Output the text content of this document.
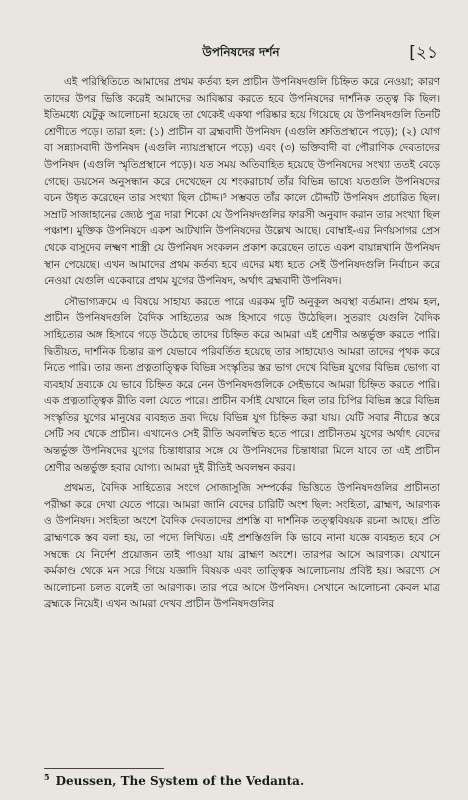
উপনিষদের দর্শন	[২১

এই পরিস্থিতিতে আমাদের প্রথম কর্তব্য হল প্রাচীন উপনিষদগুলি চিহ্নিত করে নেওয়া; কারণ তাদের উপর ভিত্তি করেই আমাদের আবিষ্কার করতে হবে উপনিষদের দার্শনিক তত্ত্ব কি ছিল। ইতিমধ্যে যেটুকু আলোচনা হয়েছে তা থেকেই একথা পরিষ্কার হয়ে গিয়েছে যে উপনিষদগুলি তিনটি শ্রেণীতে পড়ে। তারা হল: (১) প্রাচীন বা ব্রহ্মবাদী উপনিষদ (এগুলি শ্রুতিপ্রস্থানে পড়ে); (২) যোগ বা সন্ন্যাসবাদী উপনিষদ (এগুলি ন্যায়প্রস্থানে পড়ে) এবং (৩) ভক্তিবাদী বা পৌরাণিক দেবতাদের উপনিষদ (এগুলি স্মৃতিপ্রস্থানে পড়ে)। যত সময় অতিবাহিত হয়েছে উপনিষদের সংখ্যা ততই বেড়ে গেছে। ডয়সেন অনুসন্ধান করে দেখেছেন যে শংকরাচার্য তাঁর বিভিন্ন ভাষ্যে যতগুলি উপনিষদের বচন উধৃত করেছেন তার সংখ্যা ছিল চৌদ্দ।⁵ সম্ভবত তাঁর কালে চৌদ্দটি উপনিষদ প্রচারিত ছিল। সম্রাট সাজাহানের জ্যেষ্ঠ পুত্র দারা শিকো যে উপনিষদগুলির ফারসী অনুবাদ করান তার সংখ্যা ছিল পঞ্চাশ। মুক্তিক উপনিষদে একশ আটখানি উপনিষদের উল্লেখ আছে। বোম্বাই-এর নির্ণয়সাগর প্রেস থেকে বাসুদেব লক্ষ্মণ শাস্ত্রী যে উপনিষদ সংকলন প্রকাশ করেছেন তাতে একশ বায়ান্নখানি উপনিষদ স্থান পেয়েছে। এখন আমাদের প্রথম কর্তব্য হবে এদের মধ্য হতে সেই উপনিষদগুলি নির্বাচন করে নেওয়া যেগুলি একেবারে প্রথম যুগের উপনিষদ, অর্থাৎ ব্রহ্মবাদী উপনিষদ।

সৌভাগ্যক্রমে এ বিষয়ে সাহায্য করতে পারে এরকম দুটি অনুকূল অবস্থা বর্তমান। প্রথম হল, প্রাচীন উপনিষদগুলি বৈদিক সাহিত্যের অঙ্গ হিসাবে গড়ে উঠেছিল। সুতরাং যেগুলি বৈদিক সাহিত্যের অঙ্গ হিসাবে গড়ে উঠেছে তাদের চিহ্নিত করে আমরা এই শ্রেণীর অন্তর্ভুক্ত করতে পারি। দ্বিতীয়ত, দার্শনিক চিন্তার রূপ যেভাবে পরিবর্তিত হয়েছে তার সাহায্যেও আমরা তাদের পৃথক করে নিতে পারি। তার জন্য প্রত্নতাত্ত্বিক বিভিন্ন সংস্কৃতির স্তর ভাগ দেখে বিভিন্ন যুগের বিভিন্ন ভোগ্য বা ব্যবহার্য দ্রব্যকে যে ভাবে চিহ্নিত করে নেন উপনিষদগুলিকে সেইভাবে আমরা চিহ্নিত করতে পারি। এক প্রত্নতাত্ত্বিক রীতি বলা যেতে পারে। প্রাচীন বর্সাই যেখানে ছিল তার চিপির বিভিন্ন স্তরে বিভিন্ন সংস্কৃতির যুগের মানুষের ব্যবহৃত দ্রব্য দিয়ে বিভিন্ন যুগ চিহ্নিত করা যায়। যেটি সবার নীচের স্তরে সেটি সব থেকে প্রাচীন। এখানেও সেই রীতি অবলম্বিত হতে পারে। প্রাচীনতম যুগের অর্থাৎ বেদের অন্তর্ভুক্ত উপনিষদের যুগের চিন্তাধারার সঙ্গে যে উপনিষদের চিন্তাধারা মিলে যাবে তা এই প্রাচীন শ্রেণীর অন্তর্ভুক্ত হবার যোগ্য। আমরা দুই রীতিই অবলম্বন করব।

প্রথমত, বৈদিক সাহিত্যের সংগে সোজাসুজি সম্পর্কের ভিত্তিতে উপনিষদগুলির প্রাচীনতা পরীক্ষা করে দেখা যেতে পারে। আমরা জানি বেদের চারিটি অংশ ছিল: সংহিতা, ব্রাহ্মণ, আরণ্যক ও উপনিষদ। সংহিতা অংশে বৈদিক দেবতাদের প্রশস্তি বা দার্শনিক তত্ত্ববিষয়ক রচনা আছে। প্রতি ব্রাহ্মণকে স্তব বলা হয়, তা পদ্যে লিখিত। এই প্রশস্তিগুলি কি ভাবে নানা যজ্ঞে ব্যবহৃত হবে সে সম্বন্ধে যে নির্দেশ প্রয়োজন তাই পাওয়া যায় ব্রাহ্মণ অংশে। তারপর আসে আরণ্যক। যেখানে কর্মকাণ্ড থেকে মন সরে গিয়ে যজ্ঞাদি বিষয়ক এবং তাত্ত্বিক আলোচনায় প্রবিষ্ট হয়। অরণ্যে সে আলোচনা চলত বলেই তা আরণ্যক। তার পরে আসে উপনিষদ। সেখানে আলোচনা কেবল মাত্র ব্রহ্মকে নিয়েই। এখন আমরা দেখব প্রাচীন উপনিষদগুলির

$^5$ Deussen, The System of the Vedanta.
